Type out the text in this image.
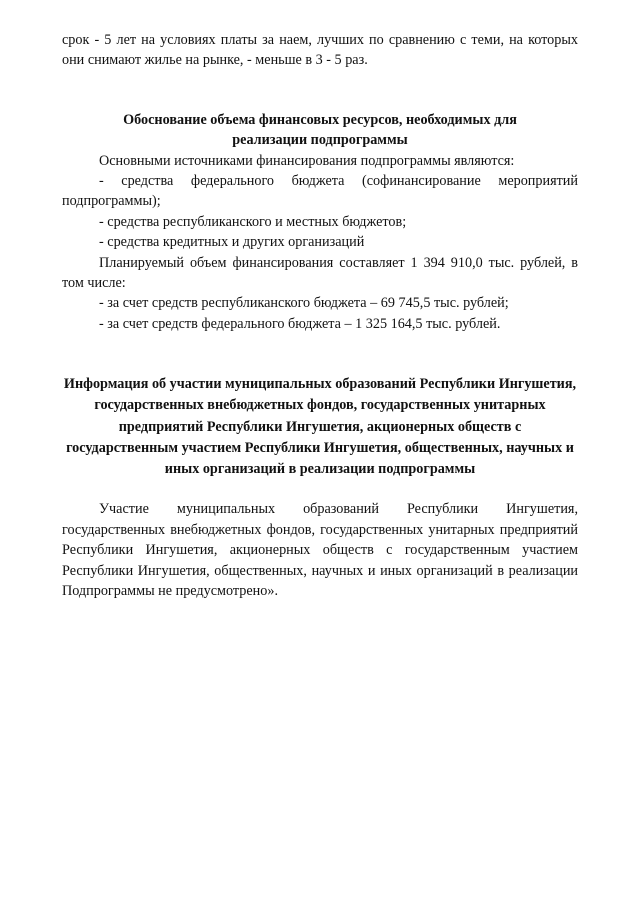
срок - 5 лет на условиях платы за наем, лучших по сравнению с теми, на которых они снимают жилье на рынке, - меньше в 3 - 5 раз.

Обоснование объема финансовых ресурсов, необходимых для реализации подпрограммы

Основными источниками финансирования подпрограммы являются:

- средства федерального бюджета (софинансирование мероприятий подпрограммы);

- средства республиканского и местных бюджетов;

- средства кредитных и других организаций

Планируемый объем финансирования составляет 1 394 910,0 тыс. рублей, в том числе:

- за счет средств республиканского бюджета – 69 745,5 тыс. рублей;

- за счет средств федерального бюджета – 1 325 164,5 тыс. рублей.

Информация об участии муниципальных образований Республики Ингушетия, государственных внебюджетных фондов, государственных унитарных предприятий Республики Ингушетия, акционерных обществ с государственным участием Республики Ингушетия, общественных, научных и иных организаций в реализации подпрограммы

Участие муниципальных образований Республики Ингушетия, государственных внебюджетных фондов, государственных унитарных предприятий Республики Ингушетия, акционерных обществ с государственным участием Республики Ингушетия, общественных, научных и иных организаций в реализации Подпрограммы не предусмотрено».
